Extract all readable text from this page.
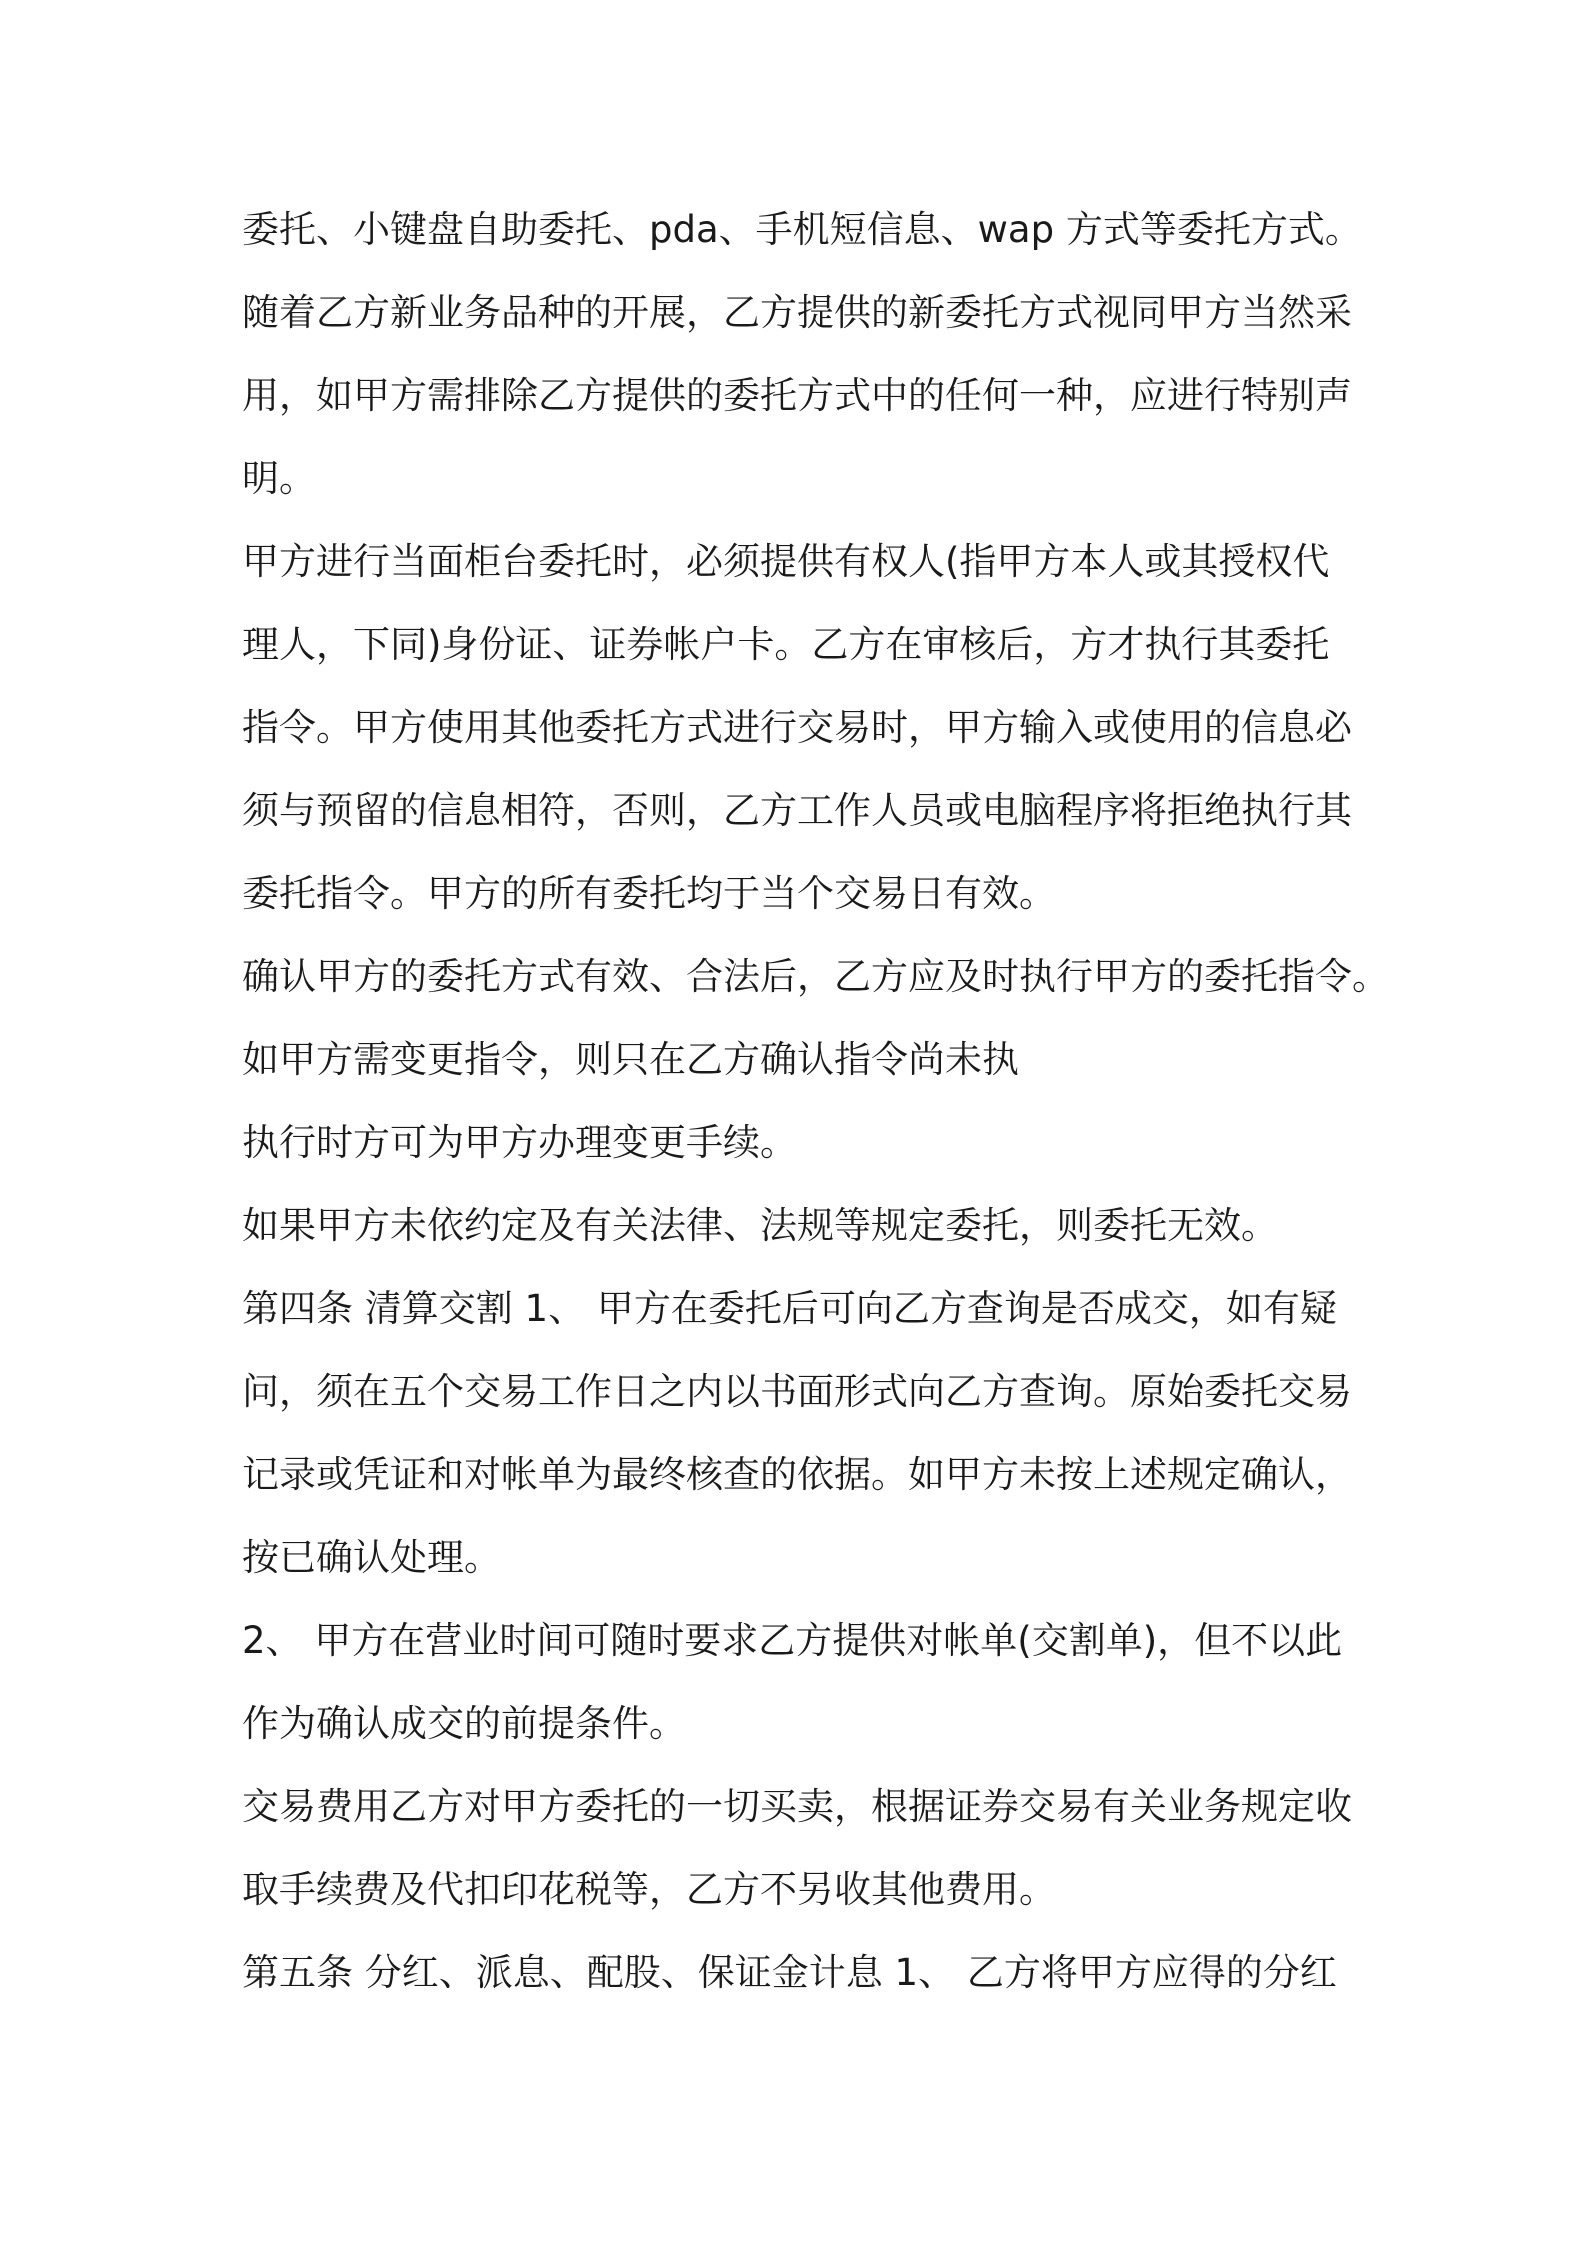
委托、小键盘自助委托、pda、手机短信息、wap 方式等委托方式。
随着乙方新业务品种的开展，乙方提供的新委托方式视同甲方当然采
用，如甲方需排除乙方提供的委托方式中的任何一种，应进行特别声
明。
甲方进行当面柜台委托时，必须提供有权人(指甲方本人或其授权代
理人，下同)身份证、证券帐户卡。乙方在审核后，方才执行其委托
指令。甲方使用其他委托方式进行交易时，甲方输入或使用的信息必
须与预留的信息相符，否则，乙方工作人员或电脑程序将拒绝执行其
委托指令。甲方的所有委托均于当个交易日有效。
确认甲方的委托方式有效、合法后，乙方应及时执行甲方的委托指令。
如甲方需变更指令，则只在乙方确认指令尚未执
执行时方可为甲方办理变更手续。
如果甲方未依约定及有关法律、法规等规定委托，则委托无效。
第四条 清算交割 1、 甲方在委托后可向乙方查询是否成交，如有疑
问，须在五个交易工作日之内以书面形式向乙方查询。原始委托交易
记录或凭证和对帐单为最终核查的依据。如甲方未按上述规定确认，
按已确认处理。
2、 甲方在营业时间可随时要求乙方提供对帐单(交割单)，但不以此
作为确认成交的前提条件。
交易费用乙方对甲方委托的一切买卖，根据证券交易有关业务规定收
取手续费及代扣印花税等，乙方不另收其他费用。
第五条 分红、派息、配股、保证金计息 1、 乙方将甲方应得的分红
